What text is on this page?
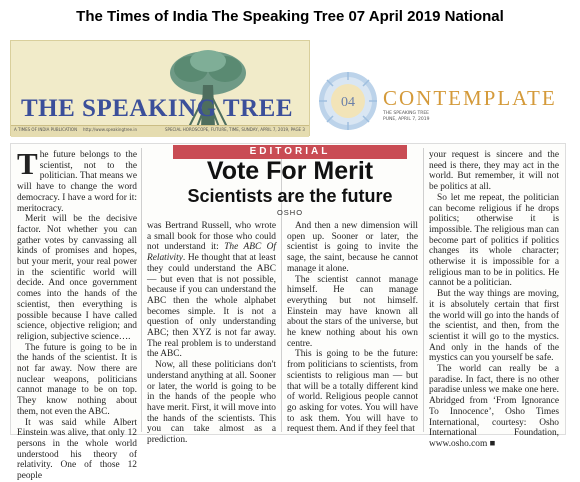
The Times of India The Speaking Tree 07 April 2019 National
THE SPEAKING TREE
A TIMES OF INDIA PUBLICATION http://www.speakingtree.in	SPECIAL HOROSCOPE, FUTURE, TIME, SUNDAY, APRIL 7, 2019, PAGE 3
04 CONTEMPLATE
THE SPEAKING TREE
PUNE, APRIL 7, 2019
EDITORIAL
Vote For Merit
Scientists are the future
OSHO

The future belongs to the scientist, not to the politician. That means we will have to change the word democracy. I have a word for it: meritocracy.

Merit will be the decisive factor. Not whether you can gather votes by canvassing all kinds of promises and hopes, but your merit, your real power in the scientific world will decide. And once government comes into the hands of the scientist, then everything is possible because I have called science, objective religion; and religion, subjective science….

The future is going to be in the hands of the scientist. It is not far away. Now there are nuclear weapons, politicians cannot manage to be on top. They know nothing about them, not even the ABC.

It was said while Albert Einstein was alive, that only 12 persons in the whole world understood his theory of relativity. One of those 12 people

was Bertrand Russell, who wrote a small book for those who could not understand it: The ABC Of Relativity. He thought that at least they could understand the ABC — but even that is not possible, because if you can understand the ABC then the whole alphabet becomes simple. It is not a question of only understanding ABC; then XYZ is not far away. The real problem is to understand the ABC.

Now, all these politicians don't understand anything at all. Sooner or later, the world is going to be in the hands of the people who have merit. First, it will move into the hands of the scientists. This you can take almost as a prediction.

And then a new dimension will open up. Sooner or later, the scientist is going to invite the sage, the saint, because he cannot manage it alone.

The scientist cannot manage himself. He can manage everything but not himself. Einstein may have known all about the stars of the universe, but he knew nothing about his own centre.

This is going to be the future: from politicians to scientists, from scientists to religious man — but that will be a totally different kind of world. Religious people cannot go asking for votes. You will have to ask them. You will have to request them. And if they feel that

your request is sincere and the need is there, they may act in the world. But remember, it will not be politics at all.

So let me repeat, the politician can become religious if he drops politics; otherwise it is impossible. The religious man can become part of politics if politics changes its whole character; otherwise it is impossible for a religious man to be in politics. He cannot be a politician.

But the way things are moving, it is absolutely certain that first the world will go into the hands of the scientist, and then, from the scientist it will go to the mystics. And only in the hands of the mystics can you yourself be safe.

The world can really be a paradise. In fact, there is no other paradise unless we make one here. Abridged from ‘From Ignorance To Innocence’, Osho Times International, courtesy: Osho International Foundation, www.osho.com ■
